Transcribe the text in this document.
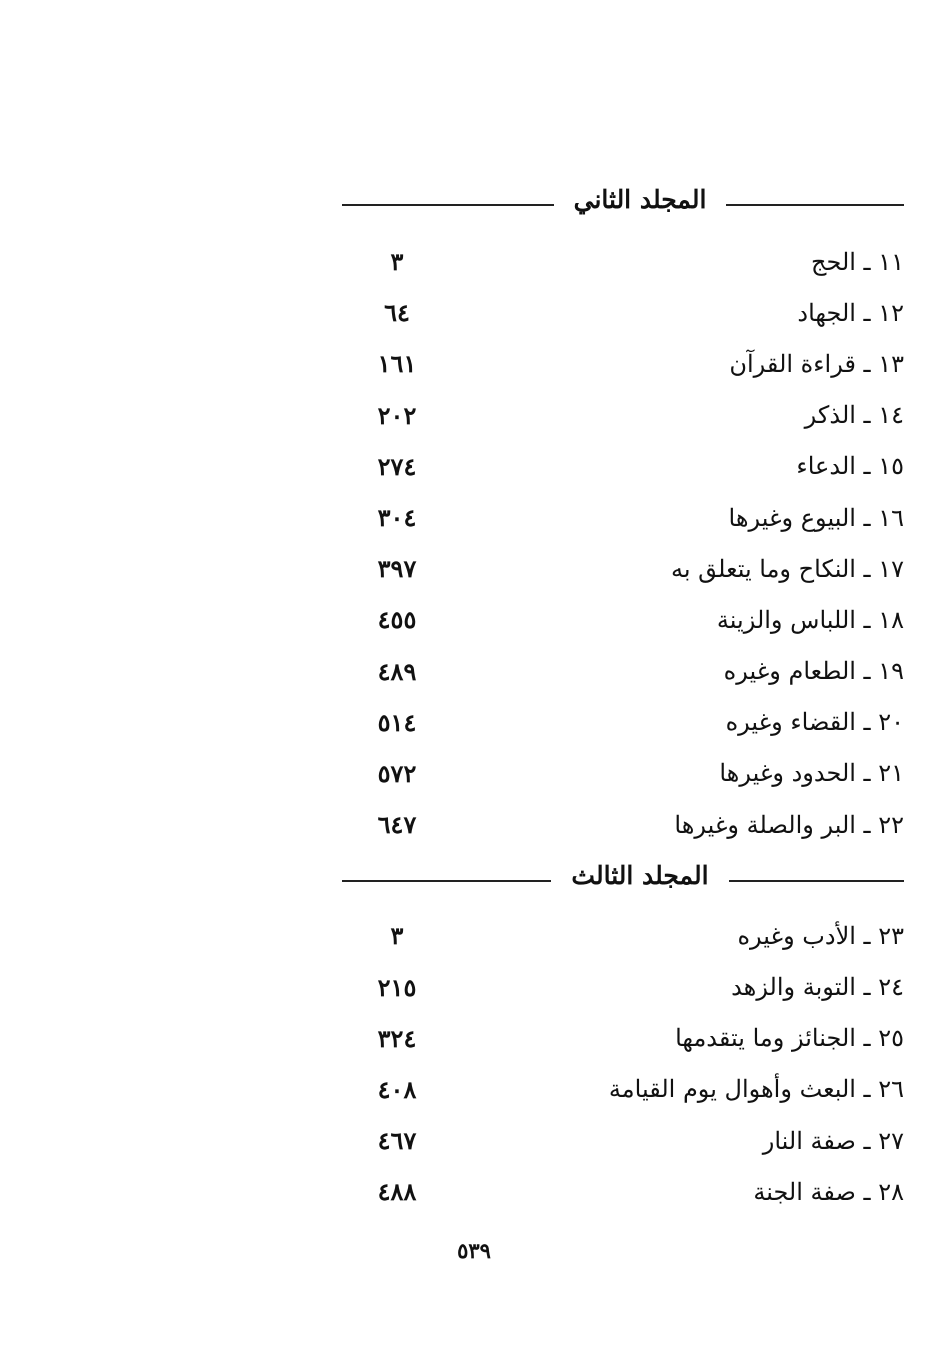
المجلد الثاني
١١ ـ الحج
٣
١٢ ـ الجهاد
٦٤
١٣ ـ قراءة القرآن
١٦١
١٤ ـ الذكر
٢٠٢
١٥ ـ الدعاء
٢٧٤
١٦ ـ البيوع وغيرها
٣٠٤
١٧ ـ النكاح وما يتعلق به
٣٩٧
١٨ ـ اللباس والزينة
٤٥٥
١٩ ـ الطعام وغيره
٤٨٩
٢٠ ـ القضاء وغيره
٥١٤
٢١ ـ الحدود وغيرها
٥٧٢
٢٢ ـ البر والصلة وغيرها
٦٤٧
المجلد الثالث
٢٣ ـ الأدب وغيره
٣
٢٤ ـ التوبة والزهد
٢١٥
٢٥ ـ الجنائز وما يتقدمها
٣٢٤
٢٦ ـ البعث وأهوال يوم القيامة
٤٠٨
٢٧ ـ صفة النار
٤٦٧
٢٨ ـ صفة الجنة
٤٨٨
٥٣٩
